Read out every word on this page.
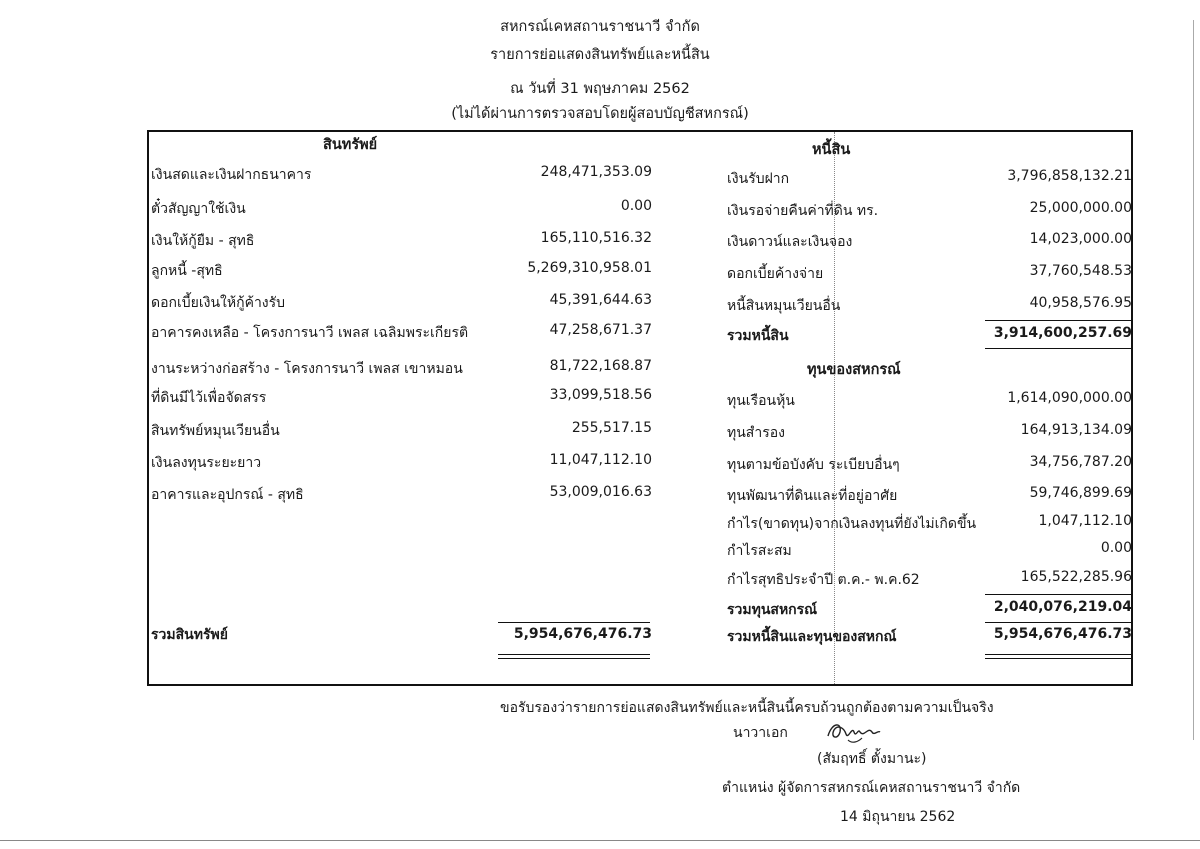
สหกรณ์เคหสถานราชนาวี จำกัด
รายการย่อแสดงสินทรัพย์และหนี้สิน
ณ วันที่ 31 พฤษภาคม 2562
(ไม่ได้ผ่านการตรวจสอบโดยผู้สอบบัญชีสหกรณ์)
สินทรัพย์
เงินสดและเงินฝากธนาคาร	248,471,353.09
ตั๋วสัญญาใช้เงิน	0.00
เงินให้กู้ยืม - สุทธิ	165,110,516.32
ลูกหนี้ -สุทธิ	5,269,310,958.01
ดอกเบี้ยเงินให้กู้ค้างรับ	45,391,644.63
อาคารคงเหลือ - โครงการนาวี เพลส เฉลิมพระเกียรติ	47,258,671.37
งานระหว่างก่อสร้าง - โครงการนาวี เพลส เขาหมอน	81,722,168.87
ที่ดินมีไว้เพื่อจัดสรร	33,099,518.56
สินทรัพย์หมุนเวียนอื่น	255,517.15
เงินลงทุนระยะยาว	11,047,112.10
อาคารและอุปกรณ์ - สุทธิ	53,009,016.63
รวมสินทรัพย์	5,954,676,476.73
หนี้สิน
เงินรับฝาก	3,796,858,132.21
เงินรอจ่ายคืนค่าที่ดิน ทร.	25,000,000.00
เงินดาวน์และเงินจอง	14,023,000.00
ดอกเบี้ยค้างจ่าย	37,760,548.53
หนี้สินหมุนเวียนอื่น	40,958,576.95
รวมหนี้สิน	3,914,600,257.69
ทุนของสหกรณ์
ทุนเรือนหุ้น	1,614,090,000.00
ทุนสำรอง	164,913,134.09
ทุนตามข้อบังคับ ระเบียบอื่นๆ	34,756,787.20
ทุนพัฒนาที่ดินและที่อยู่อาศัย	59,746,899.69
กำไร(ขาดทุน)จากเงินลงทุนที่ยังไม่เกิดขึ้น	1,047,112.10
กำไรสะสม	0.00
กำไรสุทธิประจำปี ต.ค.- พ.ค.62	165,522,285.96
รวมทุนสหกรณ์	2,040,076,219.04
รวมหนี้สินและทุนของสหกณ์	5,954,676,476.73
ขอรับรองว่ารายการย่อแสดงสินทรัพย์และหนี้สินนี้ครบถ้วนถูกต้องตามความเป็นจริง
นาวาเอก
(สัมฤทธิ์ ตั้งมานะ)
ตำแหน่ง ผู้จัดการสหกรณ์เคหสถานราชนาวี จำกัด
14 มิถุนายน 2562
